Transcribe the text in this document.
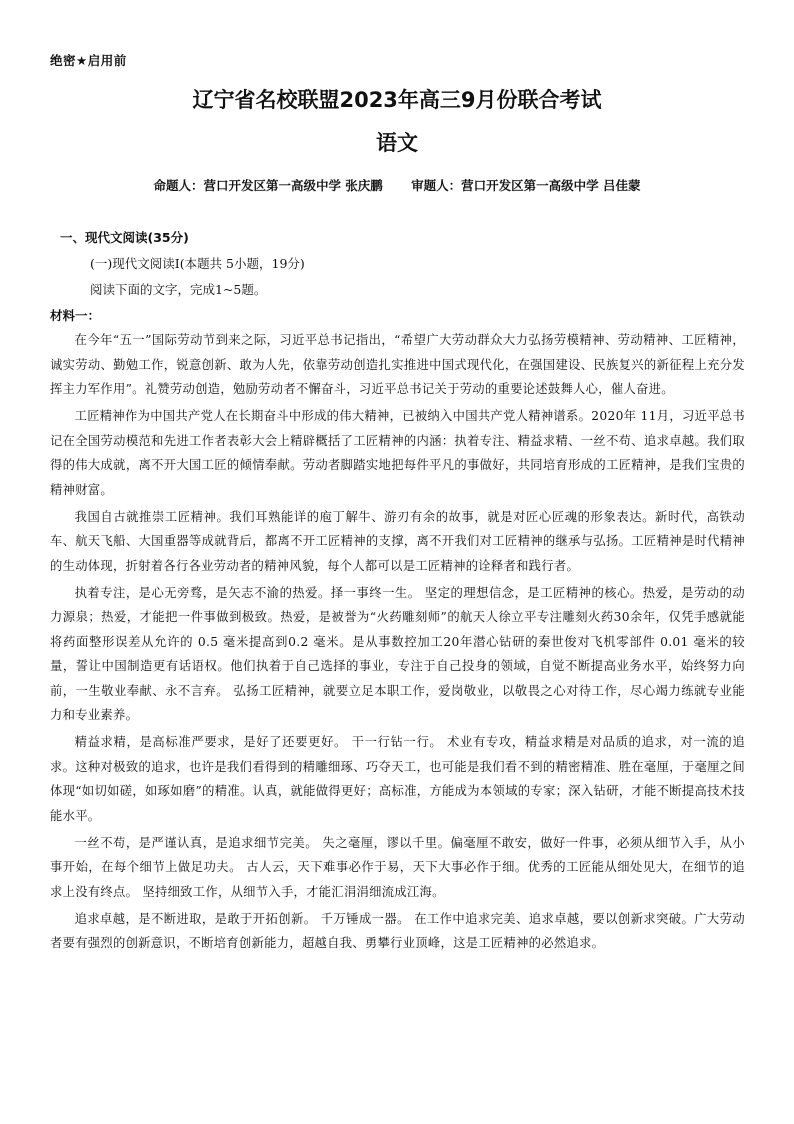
绝密★启用前
辽宁省名校联盟2023年高三9月份联合考试
语文
命题人：营口开发区第一高级中学 张庆鹏 审题人：营口开发区第一高级中学 吕佳蒙
一、现代文阅读(35分)
(一)现代文阅读I(本题共 5小题，19分)
阅读下面的文字，完成1~5题。
材料一：

在今年“五一”国际劳动节到来之际，习近平总书记指出，“希望广大劳动群众大力弘扬劳模精神、劳动精神、工匠精神，诚实劳动、勤勉工作，锐意创新、敢为人先，依靠劳动创造扎实推进中国式现代化，在强国建设、民族复兴的新征程上充分发挥主力军作用”。礼赞劳动创造，勉励劳动者不懈奋斗，习近平总书记关于劳动的重要论述鼓舞人心，催人奋进。

工匠精神作为中国共产党人在长期奋斗中形成的伟大精神，已被纳入中国共产党人精神谱系。2020年 11月，习近平总书记在全国劳动模范和先进工作者表彰大会上精辟概括了工匠精神的内涵：执着专注、精益求精、一丝不苟、追求卓越。我们取得的伟大成就，离不开大国工匠的倾情奉献。劳动者脚踏实地把每件平凡的事做好，共同培育形成的工匠精神，是我们宝贵的精神财富。

我国自古就推崇工匠精神。我们耳熟能详的庖丁解牛、游刃有余的故事，就是对匠心匠魂的形象表达。新时代，高铁动车、航天飞船、大国重器等成就背后，都离不开工匠精神的支撑，离不开我们对工匠精神的继承与弘扬。工匠精神是时代精神的生动体现，折射着各行各业劳动者的精神风貌，每个人都可以是工匠精神的诠释者和践行者。

执着专注，是心无旁骛，是矢志不渝的热爱。择一事终一生。 坚定的理想信念，是工匠精神的核心。热爱，是劳动的动力源泉；热爱，才能把一件事做到极致。热爱，是被誉为“火药雕刻师”的航天人徐立平专注雕刻火药30余年，仅凭手感就能将药面整形误差从允许的 0.5 毫米提高到0.2 毫米。是从事数控加工20年潜心钻研的秦世俊对飞机零部件 0.01 毫米的较量，誓让中国制造更有话语权。他们执着于自己选择的事业，专注于自己投身的领域，自觉不断提高业务水平，始终努力向前，一生敬业奉献、永不言弃。 弘扬工匠精神，就要立足本职工作，爱岗敬业，以敬畏之心对待工作，尽心竭力练就专业能力和专业素养。

精益求精，是高标准严要求，是好了还要更好。 干一行钻一行。 术业有专攻，精益求精是对品质的追求，对一流的追求。这种对极致的追求，也许是我们看得到的精雕细琢、巧夺天工，也可能是我们看不到的精密精准、胜在毫厘，于毫厘之间体现“如切如磋，如琢如磨”的精准。认真，就能做得更好；高标准，方能成为本领域的专家；深入钻研，才能不断提高技术技能水平。

一丝不苟，是严谨认真，是追求细节完美。 失之毫厘，谬以千里。偏毫厘不敢安，做好一件事，必须从细节入手，从小事开始，在每个细节上做足功夫。 古人云，天下难事必作于易，天下大事必作于细。优秀的工匠能从细处见大，在细节的追求上没有终点。 坚持细致工作，从细节入手，才能汇涓涓细流成江海。

追求卓越，是不断进取，是敢于开拓创新。 千万锤成一器。 在工作中追求完美、追求卓越，要以创新求突破。广大劳动者要有强烈的创新意识，不断培育创新能力，超越自我、勇攀行业顶峰，这是工匠精神的必然追求。
